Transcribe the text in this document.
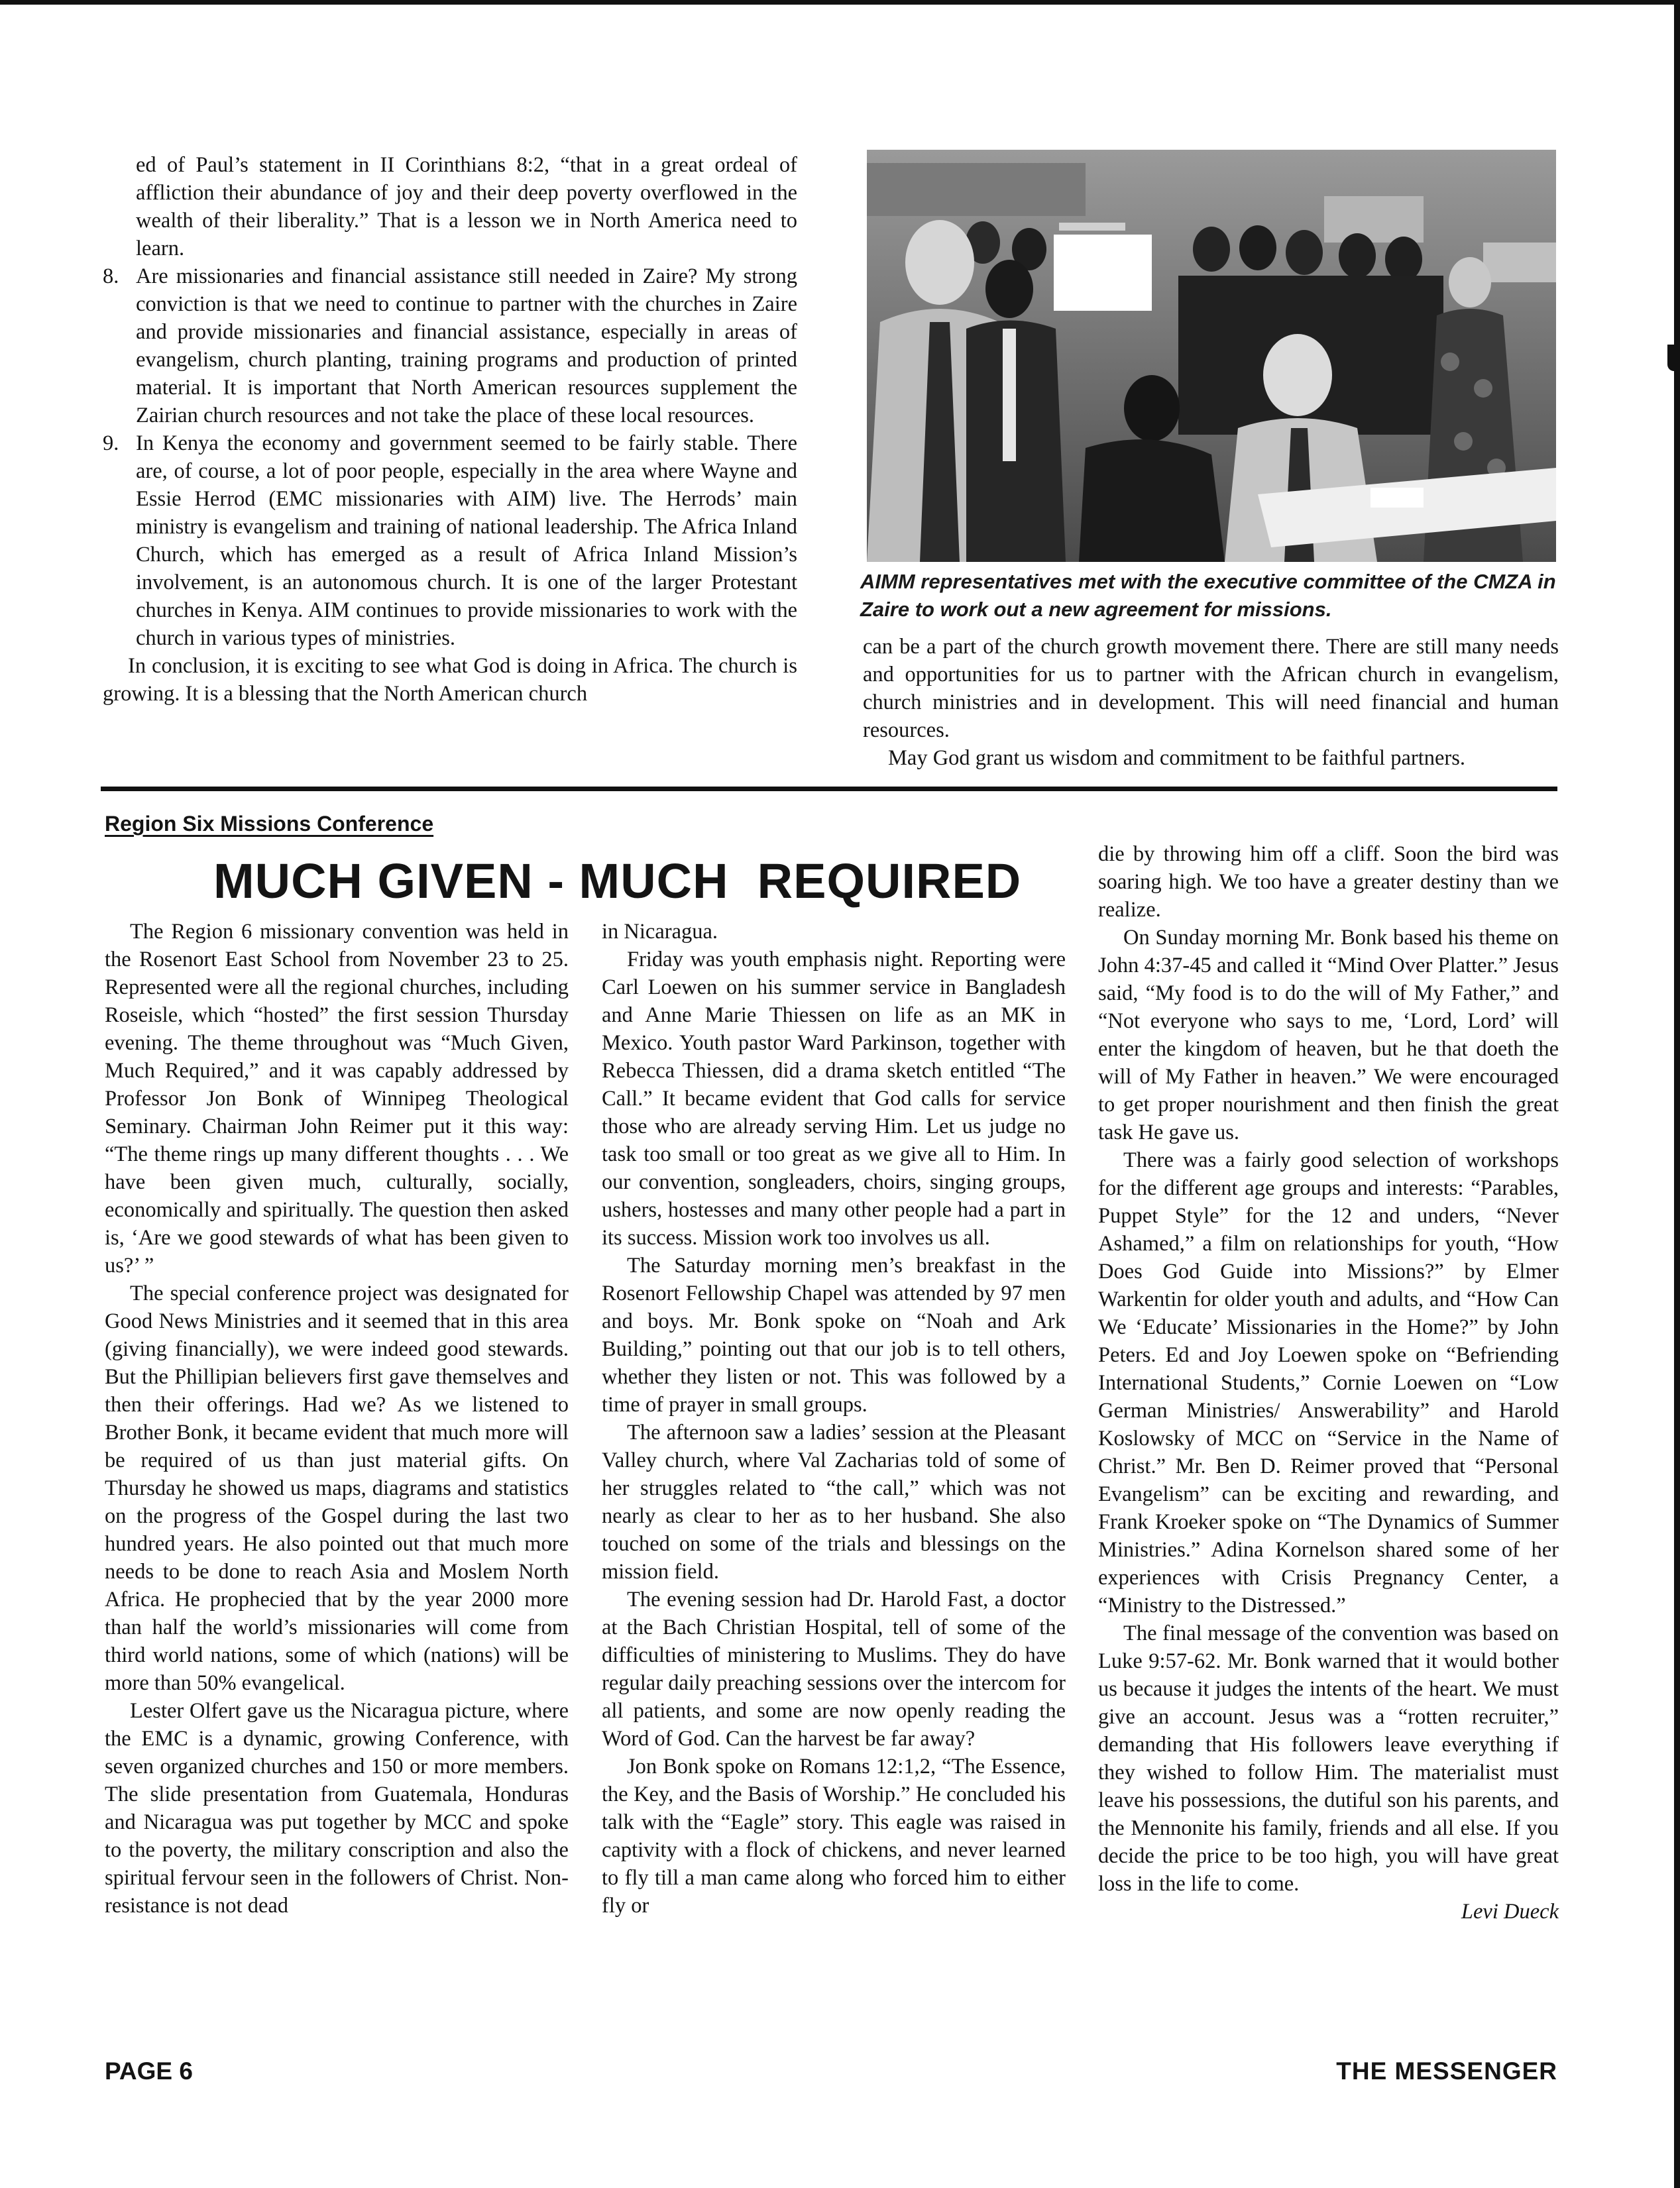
ed of Paul’s statement in II Corinthians 8:2, “that in a great ordeal of affliction their abundance of joy and their deep poverty overflowed in the wealth of their liberality.” That is a lesson we in North America need to learn.

8. Are missionaries and financial assistance still needed in Zaire? My strong conviction is that we need to continue to partner with the churches in Zaire and provide missionaries and financial assistance, especially in areas of evangelism, church planting, training programs and production of printed material. It is important that North American resources supplement the Zairian church resources and not take the place of these local resources.
9. In Kenya the economy and government seemed to be fairly stable. There are, of course, a lot of poor people, especially in the area where Wayne and Essie Herrod (EMC missionaries with AIM) live. The Herrods’ main ministry is evangelism and training of national leadership. The Africa Inland Church, which has emerged as a result of Africa Inland Mission’s involvement, is an autonomous church. It is one of the larger Protestant churches in Kenya. AIM continues to provide missionaries to work with the church in various types of ministries.

In conclusion, it is exciting to see what God is doing in Africa. The church is growing. It is a blessing that the North American church

AIMM representatives met with the executive committee of the CMZA in Zaire to work out a new agreement for missions.

can be a part of the church growth movement there. There are still many needs and opportunities for us to partner with the African church in evangelism, church ministries and in development. This will need financial and human resources.

May God grant us wisdom and commitment to be faithful partners.

Region Six Missions Conference
MUCH GIVEN - MUCH  REQUIRED

The Region 6 missionary convention was held in the Rosenort East School from November 23 to 25. Represented were all the regional churches, including Roseisle, which “hosted” the first session Thursday evening. The theme throughout was “Much Given, Much Required,” and it was capably addressed by Professor Jon Bonk of Winnipeg Theological Seminary. Chairman John Reimer put it this way: “The theme rings up many different thoughts . . . We have been given much, culturally, socially, economically and spiritually. The question then asked is, ‘Are we good stewards of what has been given to us?’ ”

The special conference project was designated for Good News Ministries and it seemed that in this area (giving financially), we were indeed good stewards. But the Phillipian believers first gave themselves and then their offerings. Had we? As we listened to Brother Bonk, it became evident that much more will be required of us than just material gifts. On Thursday he showed us maps, diagrams and statistics on the progress of the Gospel during the last two hundred years. He also pointed out that much more needs to be done to reach Asia and Moslem North Africa. He prophecied that by the year 2000 more than half the world’s missionaries will come from third world nations, some of which (nations) will be more than 50% evangelical.

Lester Olfert gave us the Nicaragua picture, where the EMC is a dynamic, growing Conference, with seven organized churches and 150 or more members. The slide presentation from Guatemala, Honduras and Nicaragua was put together by MCC and spoke to the poverty, the military conscription and also the spiritual fervour seen in the followers of Christ. Non-resistance is not dead

in Nicaragua.

Friday was youth emphasis night. Reporting were Carl Loewen on his summer service in Bangladesh and Anne Marie Thiessen on life as an MK in Mexico. Youth pastor Ward Parkinson, together with Rebecca Thiessen, did a drama sketch entitled “The Call.” It became evident that God calls for service those who are already serving Him. Let us judge no task too small or too great as we give all to Him. In our convention, songleaders, choirs, singing groups, ushers, hostesses and many other people had a part in its success. Mission work too involves us all.

The Saturday morning men’s breakfast in the Rosenort Fellowship Chapel was attended by 97 men and boys. Mr. Bonk spoke on “Noah and Ark Building,” pointing out that our job is to tell others, whether they listen or not. This was followed by a time of prayer in small groups.

The afternoon saw a ladies’ session at the Pleasant Valley church, where Val Zacharias told of some of her struggles related to “the call,” which was not nearly as clear to her as to her husband. She also touched on some of the trials and blessings on the mission field.

The evening session had Dr. Harold Fast, a doctor at the Bach Christian Hospital, tell of some of the difficulties of ministering to Muslims. They do have regular daily preaching sessions over the intercom for all patients, and some are now openly reading the Word of God. Can the harvest be far away?

Jon Bonk spoke on Romans 12:1,2, “The Essence, the Key, and the Basis of Worship.” He concluded his talk with the “Eagle” story. This eagle was raised in captivity with a flock of chickens, and never learned to fly till a man came along who forced him to either fly or

die by throwing him off a cliff. Soon the bird was soaring high. We too have a greater destiny than we realize.

On Sunday morning Mr. Bonk based his theme on John 4:37-45 and called it “Mind Over Platter.” Jesus said, “My food is to do the will of My Father,” and “Not everyone who says to me, ‘Lord, Lord’ will enter the kingdom of heaven, but he that doeth the will of My Father in heaven.” We were encouraged to get proper nourishment and then finish the great task He gave us.

There was a fairly good selection of workshops for the different age groups and interests: “Parables, Puppet Style” for the 12 and unders, “Never Ashamed,” a film on relationships for youth, “How Does God Guide into Missions?” by Elmer Warkentin for older youth and adults, and “How Can We ‘Educate’ Missionaries in the Home?” by John Peters. Ed and Joy Loewen spoke on “Befriending International Students,” Cornie Loewen on “Low German Ministries/ Answerability” and Harold Koslowsky of MCC on “Service in the Name of Christ.” Mr. Ben D. Reimer proved that “Personal Evangelism” can be exciting and rewarding, and Frank Kroeker spoke on “The Dynamics of Summer Ministries.” Adina Kornelson shared some of her experiences with Crisis Pregnancy Center, a “Ministry to the Distressed.”

The final message of the convention was based on Luke 9:57-62. Mr. Bonk warned that it would bother us because it judges the intents of the heart. We must give an account. Jesus was a “rotten recruiter,” demanding that His followers leave everything if they wished to follow Him. The materialist must leave his possessions, the dutiful son his parents, and the Mennonite his family, friends and all else. If you decide the price to be too high, you will have great loss in the life to come.

Levi Dueck

PAGE 6	THE MESSENGER
